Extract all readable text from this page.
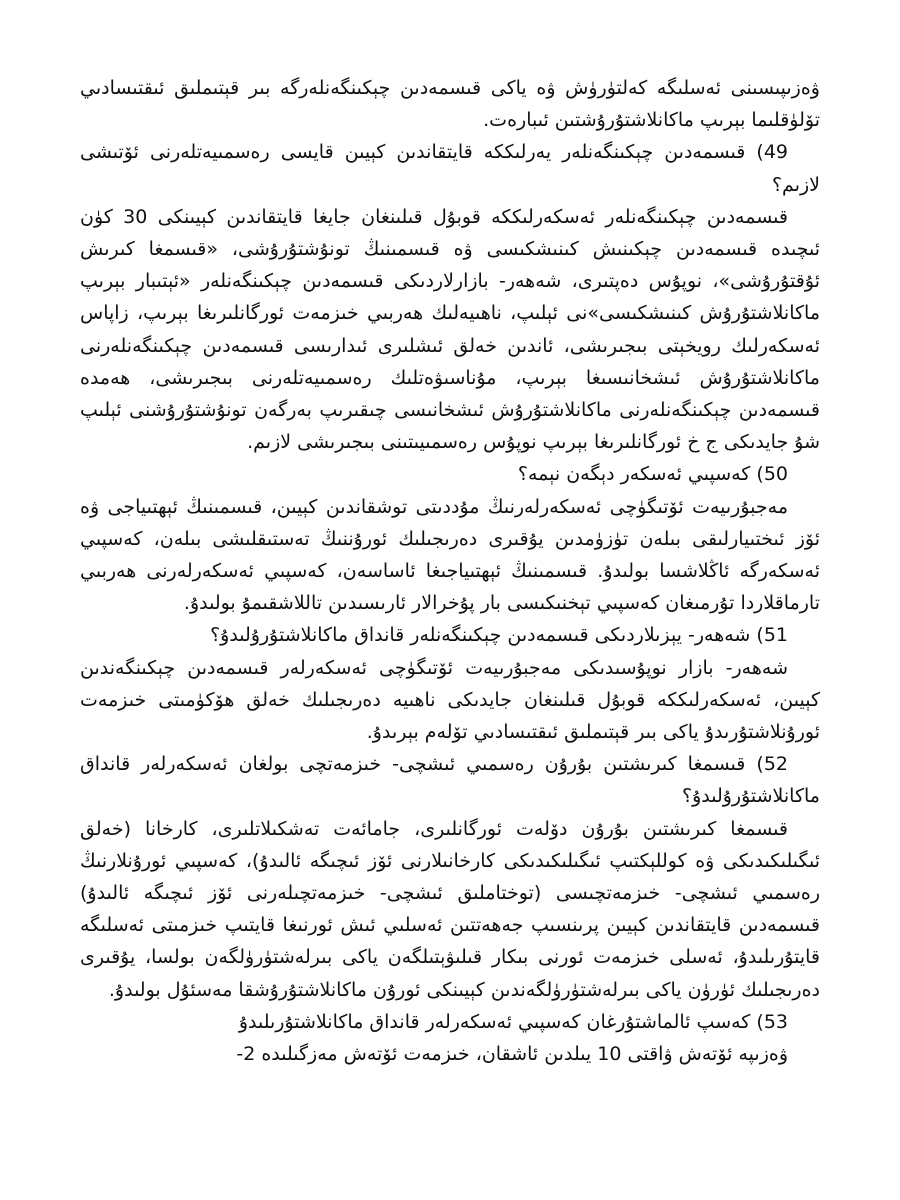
ۋەزىپىسىنى ئەسلىگە كەلتۈرۈش ۋە ياكى قىسمەدىن چېكىنگەنلەرگە بىر قېتىملىق ئىقتىسادىي تۆلۈقلىما بېرىپ ماكانلاشتۇرۇشتىن ئىبارەت.

49) قىسمەدىن چېكىنگەنلەر يەرلىككە قايتقاندىن كېيىن قايسى رەسمىيەتلەرنى ئۆتىشى لازىم؟

قىسمەدىن چېكىنگەنلەر ئەسكەرلىككە قوبۇل قىلىنغان جايغا قايتقاندىن كېيىنكى 30 كۈن ئىچىدە قىسمەدىن چېكىنىش كىنىشكىسى ۋە قىسمىنىڭ تونۇشتۇرۇشى، «قىسمغا كىرىش ئۇقتۇرۇشى»، نوپۇس دەپتىرى، شەھەر- بازارلاردىكى قىسمەدىن چېكىنگەنلەر «ئېتىبار بېرىپ ماكانلاشتۇرۇش كىنىشكىسى»نى ئېلىپ، ناھىيەلىك ھەربىي خىزمەت ئورگانلىرىغا بېرىپ، زاپاس ئەسكەرلىك رويخېتى بىجىرىشى، ئاندىن خەلق ئىشلىرى ئىدارىسى قىسمەدىن چېكىنگەنلەرنى ماكانلاشتۇرۇش ئىشخانىسىغا بېرىپ، مۇناسىۋەتلىك رەسمىيەتلەرنى بىجىرىشى، ھەمدە قىسمەدىن چېكىنگەنلەرنى ماكانلاشتۇرۇش ئىشخانىسى چىقىرىپ بەرگەن تونۇشتۇرۇشنى ئېلىپ شۇ جايدىكى ج خ ئورگانلىرىغا بېرىپ نوپۇس رەسمىيىتىنى بىجىرىشى لازىم.

50) كەسپىي ئەسكەر دېگەن نېمە؟

مەجبۇرىيەت ئۆتىگۈچى ئەسكەرلەرنىڭ مۇددىتى توشقاندىن كېيىن، قىسمىنىڭ ئېھتىياجى ۋە ئۆز ئىختىيارلىقى بىلەن تۈزۈمدىن يۇقىرى دەرىجىلىك ئورۇننىڭ تەستىقلىشى بىلەن، كەسپىي ئەسكەرگە ئاڭلاشسا بولىدۇ. قىسمىنىڭ ئېھتىياجىغا ئاساسەن، كەسپىي ئەسكەرلەرنى ھەربىي تارماقلاردا تۇرمىغان كەسپىي تېخنىكىسى بار پۇخرالار ئارىسىدىن تاللاشقىمۇ بولىدۇ.

51) شەھەر- يېزىلاردىكى قىسمەدىن چېكىنگەنلەر قانداق ماكانلاشتۇرۇلىدۇ؟

شەھەر- بازار نوپۇسىدىكى مەجبۇرىيەت ئۆتىگۈچى ئەسكەرلەر قىسمەدىن چېكىنگەندىن كېيىن، ئەسكەرلىككە قوبۇل قىلىنغان جايدىكى ناھىيە دەرىجىلىك خەلق ھۆكۈمىتى خىزمەت ئورۇنلاشتۇرىدۇ ياكى بىر قېتىملىق ئىقتىسادىي تۆلەم بېرىدۇ.

52) قىسمغا كىرىشتىن بۇرۇن رەسمىي ئىشچى- خىزمەتچى بولغان ئەسكەرلەر قانداق ماكانلاشتۇرۇلىدۇ؟

قىسمغا كىرىشتىن بۇرۇن دۆلەت ئورگانلىرى، جامائەت تەشكىلاتلىرى، كارخانا (خەلق ئىگىلىكىدىكى ۋە كوللېكتىپ ئىگىلىكىدىكى كارخانىلارنى ئۆز ئىچىگە ئالىدۇ)، كەسپىي ئورۇنلارنىڭ رەسمىي ئىشچى- خىزمەتچىسى (توختاملىق ئىشچى- خىزمەتچىلەرنى ئۆز ئىچىگە ئالىدۇ) قىسمەدىن قايتقاندىن كېيىن پرىنسىپ جەھەتتىن ئەسلىي ئىش ئورنىغا قايتىپ خىزمىتى ئەسلىگە قايتۇرىلىدۇ، ئەسلى خىزمەت ئورنى بىكار قىلىۋېتىلگەن ياكى بىرلەشتۈرۈلگەن بولسا، يۇقىرى دەرىجىلىك ئۈرۈن ياكى بىرلەشتۈرۈلگەندىن كېيىنكى ئورۇن ماكانلاشتۇرۇشقا مەسئۇل بولىدۇ.

53) كەسپ ئالماشتۇرغان كەسپىي ئەسكەرلەر قانداق ماكانلاشتۇرىلىدۇ

ۋەزىپە ئۆتەش ۋاقتى 10 يىلدىن ئاشقان، خىزمەت ئۆتەش مەزگىلىدە 2-
